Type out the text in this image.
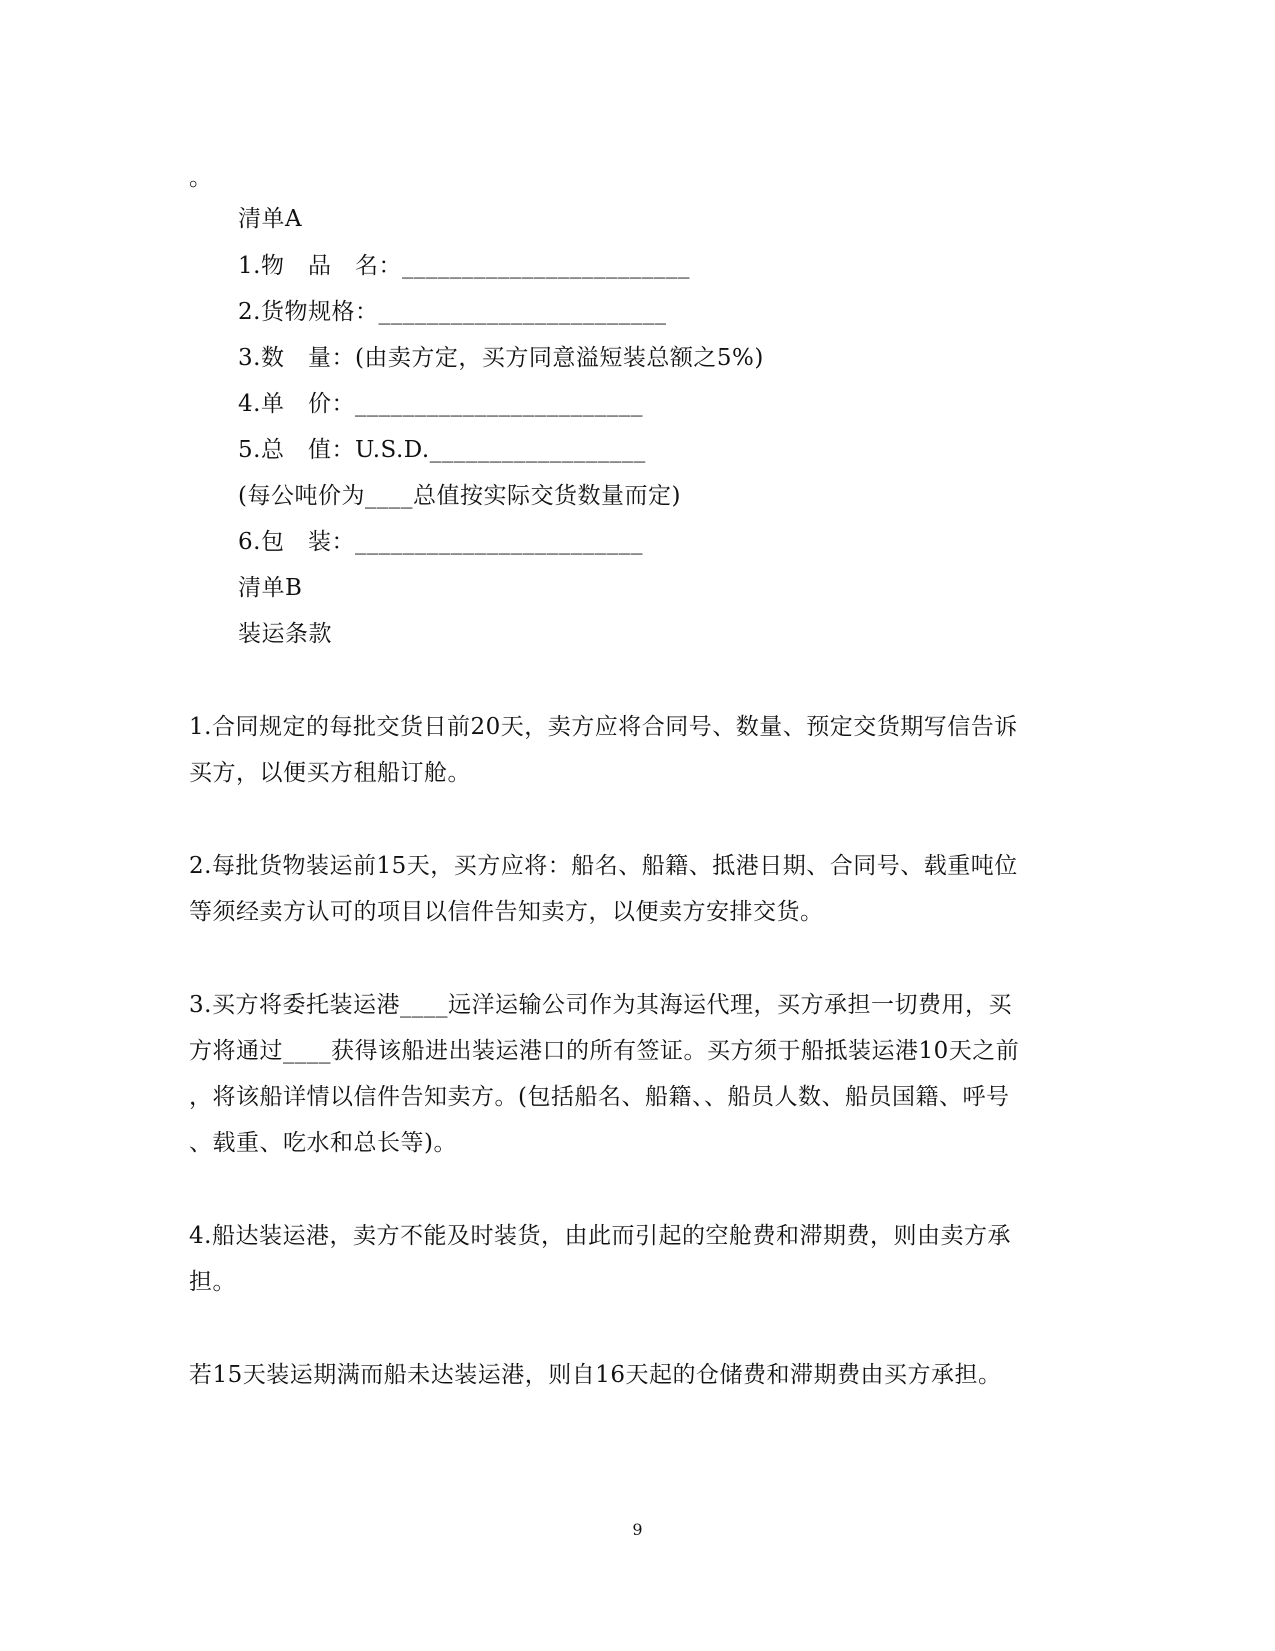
。
清单A
1.物　品　名：________________________
2.货物规格：________________________
3.数　量：(由卖方定，买方同意溢短装总额之5%)
4.单　价：________________________
5.总　值：U.S.D.__________________
(每公吨价为____总值按实际交货数量而定)
6.包　装：________________________
清单B
装运条款
1.合同规定的每批交货日前20天，卖方应将合同号、数量、预定交货期写信告诉
买方，以便买方租船订舱。
2.每批货物装运前15天，买方应将：船名、船籍、抵港日期、合同号、载重吨位
等须经卖方认可的项目以信件告知卖方，以便卖方安排交货。
3.买方将委托装运港____远洋运输公司作为其海运代理，买方承担一切费用，买
方将通过____获得该船进出装运港口的所有签证。买方须于船抵装运港10天之前
，将该船详情以信件告知卖方。(包括船名、船籍、、船员人数、船员国籍、呼号
、载重、吃水和总长等)。
4.船达装运港，卖方不能及时装货，由此而引起的空舱费和滞期费，则由卖方承
担。
若15天装运期满而船未达装运港，则自16天起的仓储费和滞期费由买方承担。
9
